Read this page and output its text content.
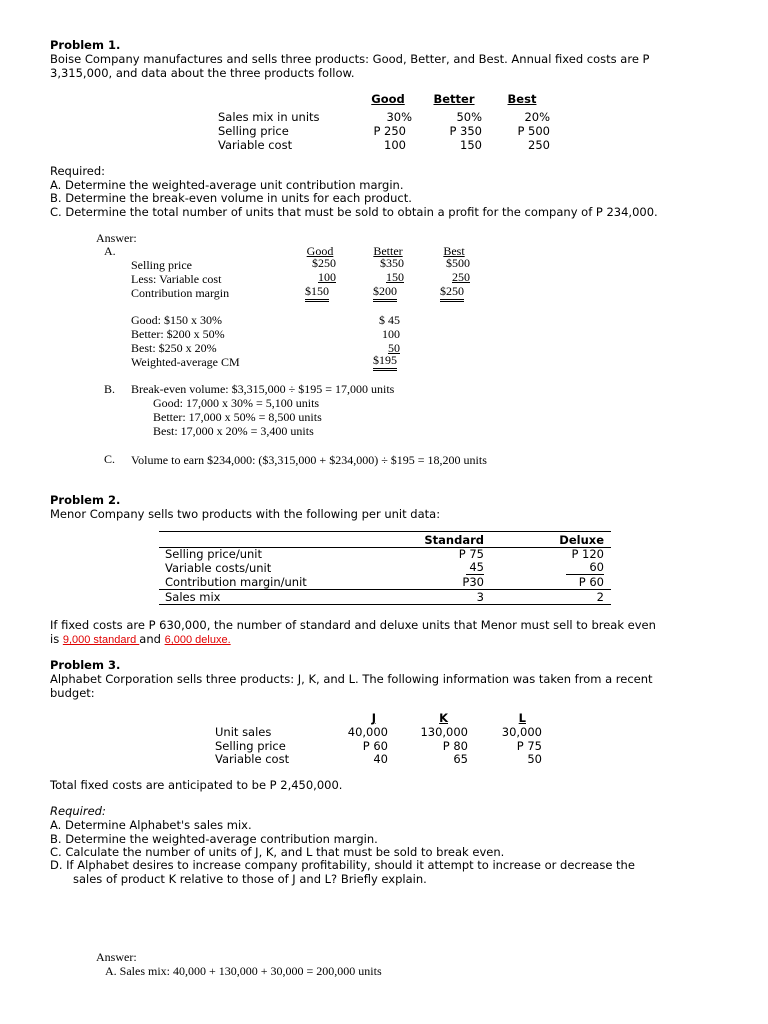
Problem 1.
Boise Company manufactures and sells three products: Good, Better, and Best. Annual fixed costs are P
3,315,000, and data about the three products follow.
Good	Better	Best
Sales mix in units	30%	50%	20%
Selling price	P 250	P 350	P 500
Variable cost	100	150	250
Required:
A. Determine the weighted-average unit contribution margin.
B. Determine the break-even volume in units for each product.
C. Determine the total number of units that must be sold to obtain a profit for the company of P 234,000.
Answer:
A.	Good	Better	Best
Selling price	$250	$350	$500
Less: Variable cost	100	150	250
Contribution margin	$150	$200	$250
Good: $150 x 30%	$ 45
Better: $200 x 50%	100
Best: $250 x 20%	50
Weighted-average CM	$195
B. Break-even volume: $3,315,000 ÷ $195 = 17,000 units
Good: 17,000 x 30% = 5,100 units
Better: 17,000 x 50% = 8,500 units
Best: 17,000 x 20% = 3,400 units
C. Volume to earn $234,000: ($3,315,000 + $234,000) ÷ $195 = 18,200 units
Problem 2.
Menor Company sells two products with the following per unit data:
Standard	Deluxe
Selling price/unit	P 75	P 120
Variable costs/unit	45	60
Contribution margin/unit	P30	P 60
Sales mix	3	2
If fixed costs are P 630,000, the number of standard and deluxe units that Menor must sell to break even
is 9,000 standard and 6,000 deluxe.
Problem 3.
Alphabet Corporation sells three products: J, K, and L. The following information was taken from a recent
budget:
J	K	L
Unit sales	40,000	130,000	30,000
Selling price	P 60	P 80	P 75
Variable cost	40	65	50
Total fixed costs are anticipated to be P 2,450,000.
Required:
A. Determine Alphabet's sales mix.
B. Determine the weighted-average contribution margin.
C. Calculate the number of units of J, K, and L that must be sold to break even.
D. If Alphabet desires to increase company profitability, should it attempt to increase or decrease the
sales of product K relative to those of J and L? Briefly explain.
Answer:
A. Sales mix: 40,000 + 130,000 + 30,000 = 200,000 units
